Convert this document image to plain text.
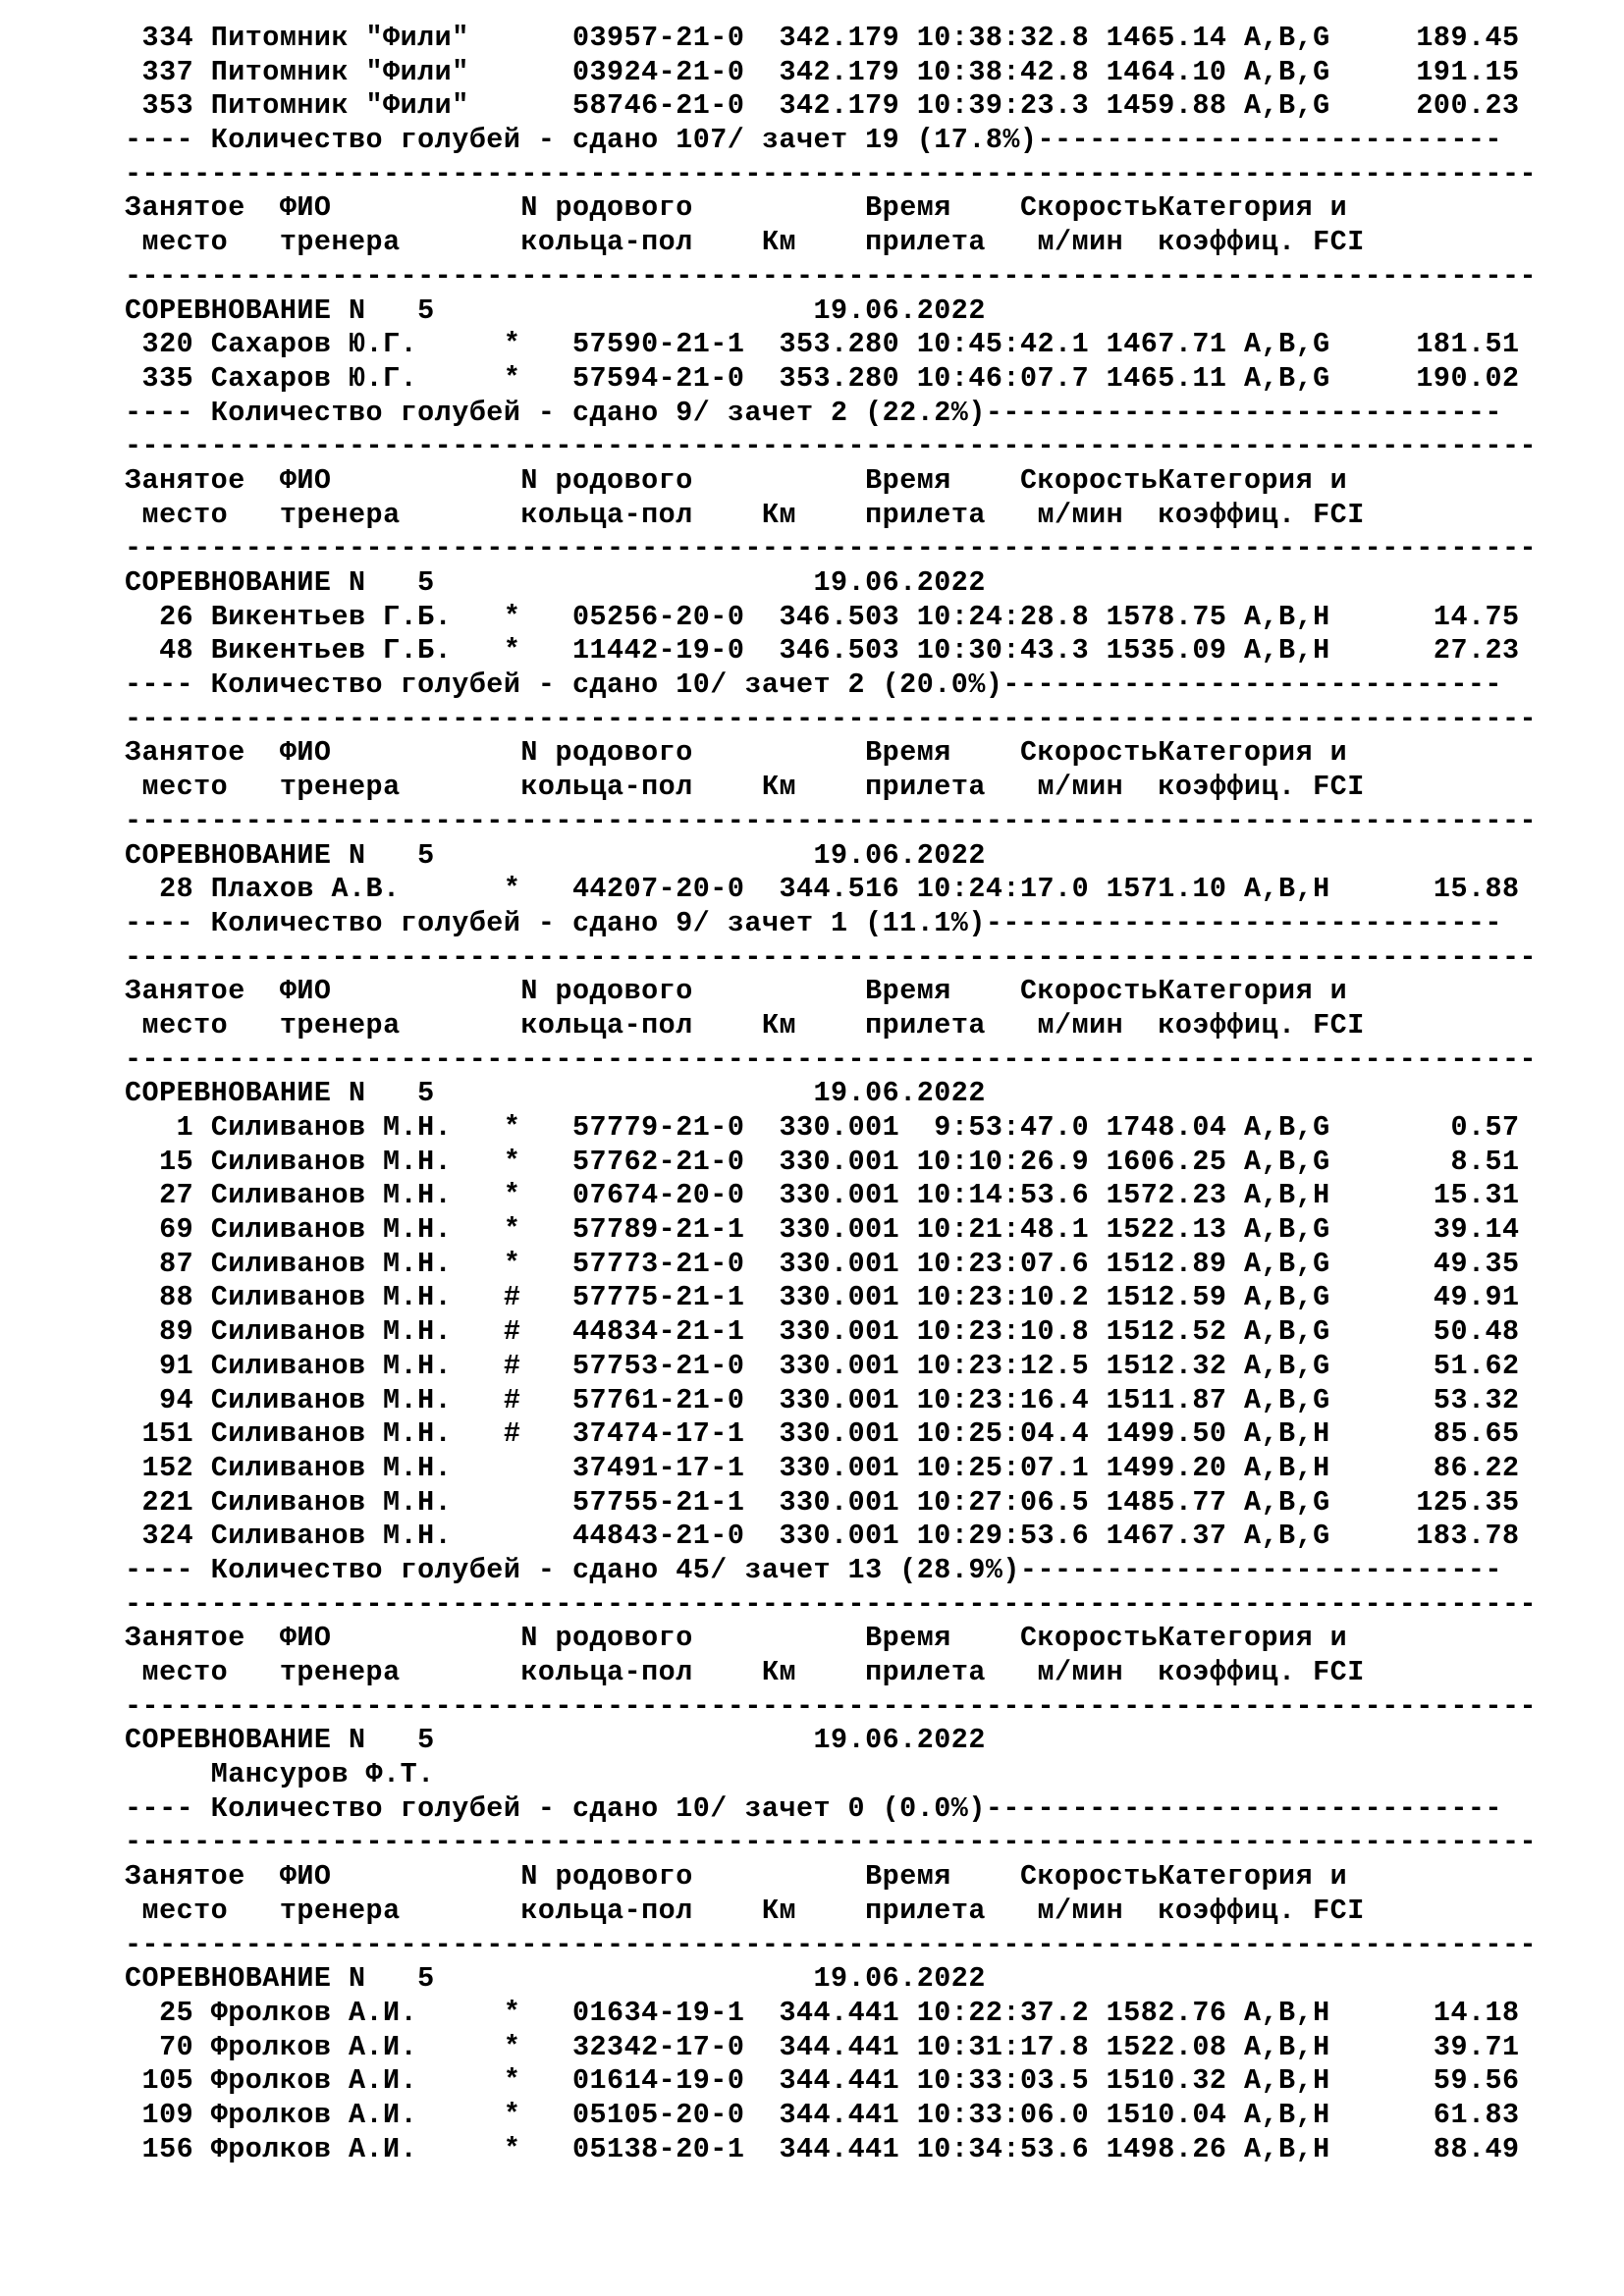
334 Питомник "Фили"      03957-21-0  342.179 10:38:32.8 1465.14 A,B,G     189.45
337 Питомник "Фили"      03924-21-0  342.179 10:38:42.8 1464.10 A,B,G     191.15
353 Питомник "Фили"      58746-21-0  342.179 10:39:23.3 1459.88 A,B,G     200.23
---- Количество голубей - сдано 107/ зачет 19 (17.8%)---------------------------
----------------------------------------------------------------------------------
Занятое  ФИО           N родового          Время    СкоростьКатегория и
место   тренера       кольца-пол    Км    прилета   м/мин  коэффиц. FCI
----------------------------------------------------------------------------------
СОРЕВНОВАНИЕ N   5                      19.06.2022
320 Сахаров Ю.Г.     *   57590-21-1  353.280 10:45:42.1 1467.71 A,B,G     181.51
335 Сахаров Ю.Г.     *   57594-21-0  353.280 10:46:07.7 1465.11 A,B,G     190.02
---- Количество голубей - сдано 9/ зачет 2 (22.2%)------------------------------
----------------------------------------------------------------------------------
Занятое  ФИО           N родового          Время    СкоростьКатегория и
место   тренера       кольца-пол    Км    прилета   м/мин  коэффиц. FCI
----------------------------------------------------------------------------------
СОРЕВНОВАНИЕ N   5                      19.06.2022
26 Викентьев Г.Б.   *   05256-20-0  346.503 10:24:28.8 1578.75 A,B,H      14.75
48 Викентьев Г.Б.   *   11442-19-0  346.503 10:30:43.3 1535.09 A,B,H      27.23
---- Количество голубей - сдано 10/ зачет 2 (20.0%)-----------------------------
----------------------------------------------------------------------------------
Занятое  ФИО           N родового          Время    СкоростьКатегория и
место   тренера       кольца-пол    Км    прилета   м/мин  коэффиц. FCI
----------------------------------------------------------------------------------
СОРЕВНОВАНИЕ N   5                      19.06.2022
28 Плахов А.В.      *   44207-20-0  344.516 10:24:17.0 1571.10 A,B,H      15.88
---- Количество голубей - сдано 9/ зачет 1 (11.1%)------------------------------
----------------------------------------------------------------------------------
Занятое  ФИО           N родового          Время    СкоростьКатегория и
место   тренера       кольца-пол    Км    прилета   м/мин  коэффиц. FCI
----------------------------------------------------------------------------------
СОРЕВНОВАНИЕ N   5                      19.06.2022
1 Силиванов М.Н.   *   57779-21-0  330.001  9:53:47.0 1748.04 A,B,G       0.57
15 Силиванов М.Н.   *   57762-21-0  330.001 10:10:26.9 1606.25 A,B,G       8.51
27 Силиванов М.Н.   *   07674-20-0  330.001 10:14:53.6 1572.23 A,B,H      15.31
69 Силиванов М.Н.   *   57789-21-1  330.001 10:21:48.1 1522.13 A,B,G      39.14
87 Силиванов М.Н.   *   57773-21-0  330.001 10:23:07.6 1512.89 A,B,G      49.35
88 Силиванов М.Н.   #   57775-21-1  330.001 10:23:10.2 1512.59 A,B,G      49.91
89 Силиванов М.Н.   #   44834-21-1  330.001 10:23:10.8 1512.52 A,B,G      50.48
91 Силиванов М.Н.   #   57753-21-0  330.001 10:23:12.5 1512.32 A,B,G      51.62
94 Силиванов М.Н.   #   57761-21-0  330.001 10:23:16.4 1511.87 A,B,G      53.32
151 Силиванов М.Н.   #   37474-17-1  330.001 10:25:04.4 1499.50 A,B,H      85.65
152 Силиванов М.Н.       37491-17-1  330.001 10:25:07.1 1499.20 A,B,H      86.22
221 Силиванов М.Н.       57755-21-1  330.001 10:27:06.5 1485.77 A,B,G     125.35
324 Силиванов М.Н.       44843-21-0  330.001 10:29:53.6 1467.37 A,B,G     183.78
---- Количество голубей - сдано 45/ зачет 13 (28.9%)----------------------------
----------------------------------------------------------------------------------
Занятое  ФИО           N родового          Время    СкоростьКатегория и
место   тренера       кольца-пол    Км    прилета   м/мин  коэффиц. FCI
----------------------------------------------------------------------------------
СОРЕВНОВАНИЕ N   5                      19.06.2022
Мансуров Ф.Т.
---- Количество голубей - сдано 10/ зачет 0 (0.0%)------------------------------
----------------------------------------------------------------------------------
Занятое  ФИО           N родового          Время    СкоростьКатегория и
место   тренера       кольца-пол    Км    прилета   м/мин  коэффиц. FCI
----------------------------------------------------------------------------------
СОРЕВНОВАНИЕ N   5                      19.06.2022
25 Фролков А.И.     *   01634-19-1  344.441 10:22:37.2 1582.76 A,B,H      14.18
70 Фролков А.И.     *   32342-17-0  344.441 10:31:17.8 1522.08 A,B,H      39.71
105 Фролков А.И.     *   01614-19-0  344.441 10:33:03.5 1510.32 A,B,H      59.56
109 Фролков А.И.     *   05105-20-0  344.441 10:33:06.0 1510.04 A,B,H      61.83
156 Фролков А.И.     *   05138-20-1  344.441 10:34:53.6 1498.26 A,B,H      88.49
